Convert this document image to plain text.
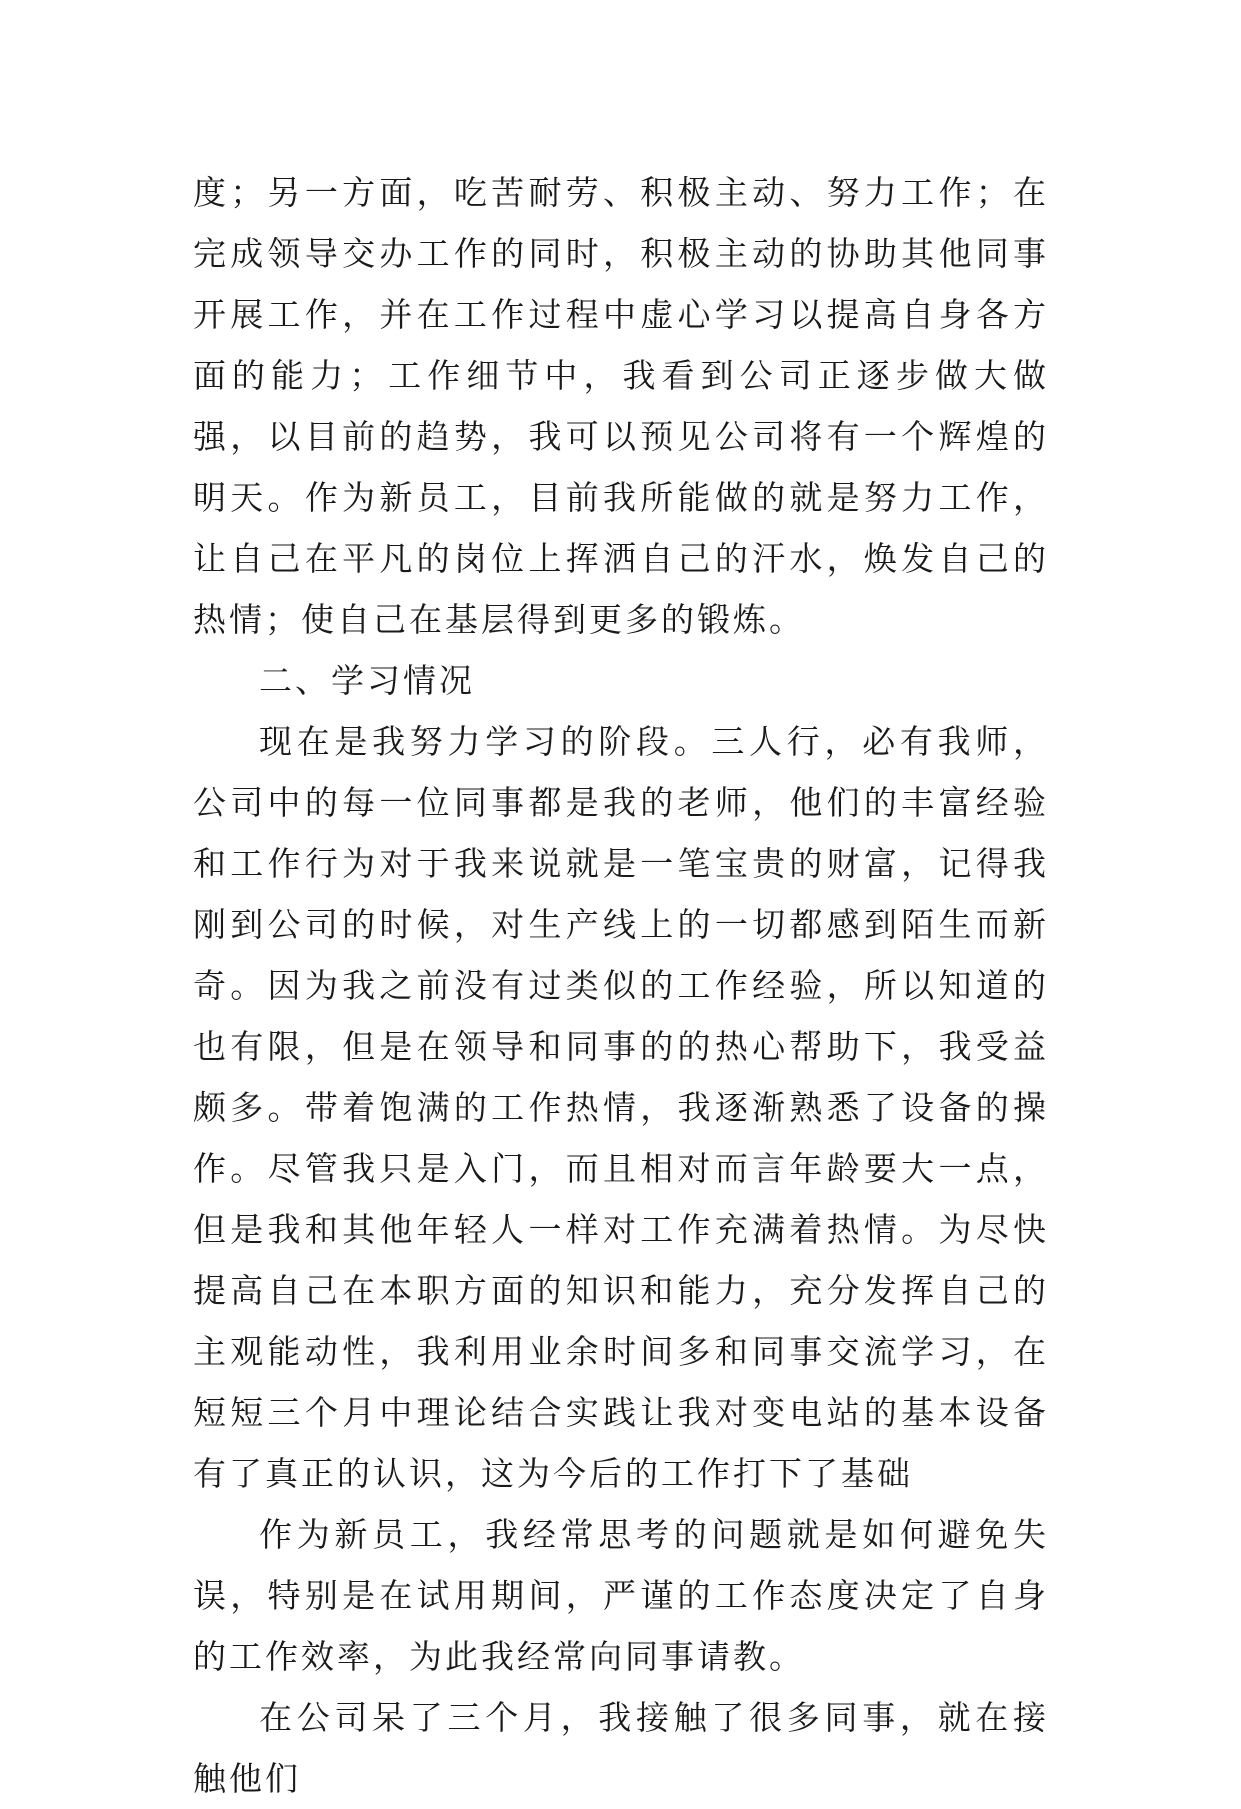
度；另一方面，吃苦耐劳、积极主动、努力工作；在完成领导交办工作的同时，积极主动的协助其他同事开展工作，并在工作过程中虚心学习以提高自身各方面的能力；工作细节中，我看到公司正逐步做大做强，以目前的趋势，我可以预见公司将有一个辉煌的明天。作为新员工，目前我所能做的就是努力工作，让自己在平凡的岗位上挥洒自己的汗水，焕发自己的热情；使自己在基层得到更多的锻炼。

二、学习情况

现在是我努力学习的阶段。三人行，必有我师，公司中的每一位同事都是我的老师，他们的丰富经验和工作行为对于我来说就是一笔宝贵的财富，记得我刚到公司的时候，对生产线上的一切都感到陌生而新奇。因为我之前没有过类似的工作经验，所以知道的也有限，但是在领导和同事的的热心帮助下，我受益颇多。带着饱满的工作热情，我逐渐熟悉了设备的操作。尽管我只是入门，而且相对而言年龄要大一点，但是我和其他年轻人一样对工作充满着热情。为尽快提高自己在本职方面的知识和能力，充分发挥自己的主观能动性，我利用业余时间多和同事交流学习，在短短三个月中理论结合实践让我对变电站的基本设备有了真正的认识，这为今后的工作打下了基础

作为新员工，我经常思考的问题就是如何避免失误，特别是在试用期间，严谨的工作态度决定了自身的工作效率，为此我经常向同事请教。

在公司呆了三个月，我接触了很多同事，就在接触他们
